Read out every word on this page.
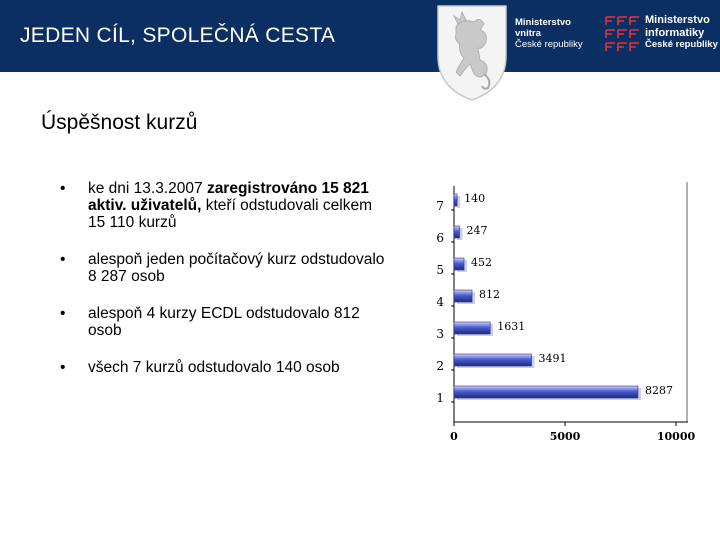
JEDEN CÍL, SPOLEČNÁ CESTA
Ministerstvo
vnitra
České republiky
Ministerstvo
informatiky
České republiky
Úspěšnost kurzů
• ke dni 13.3.2007 zaregistrováno 15 821 aktiv. uživatelů, kteří odstudovali celkem 15 110 kurzů
• alespoň jeden počítačový kurz odstudovalo 8 287 osob
• alespoň 4 kurzy ECDL odstudovalo 812 osob
• všech 7 kurzů odstudovalo 140 osob
7
140
6
247
5
452
4
812
3
1631
2
3491
1
8287
0	5000	10000
